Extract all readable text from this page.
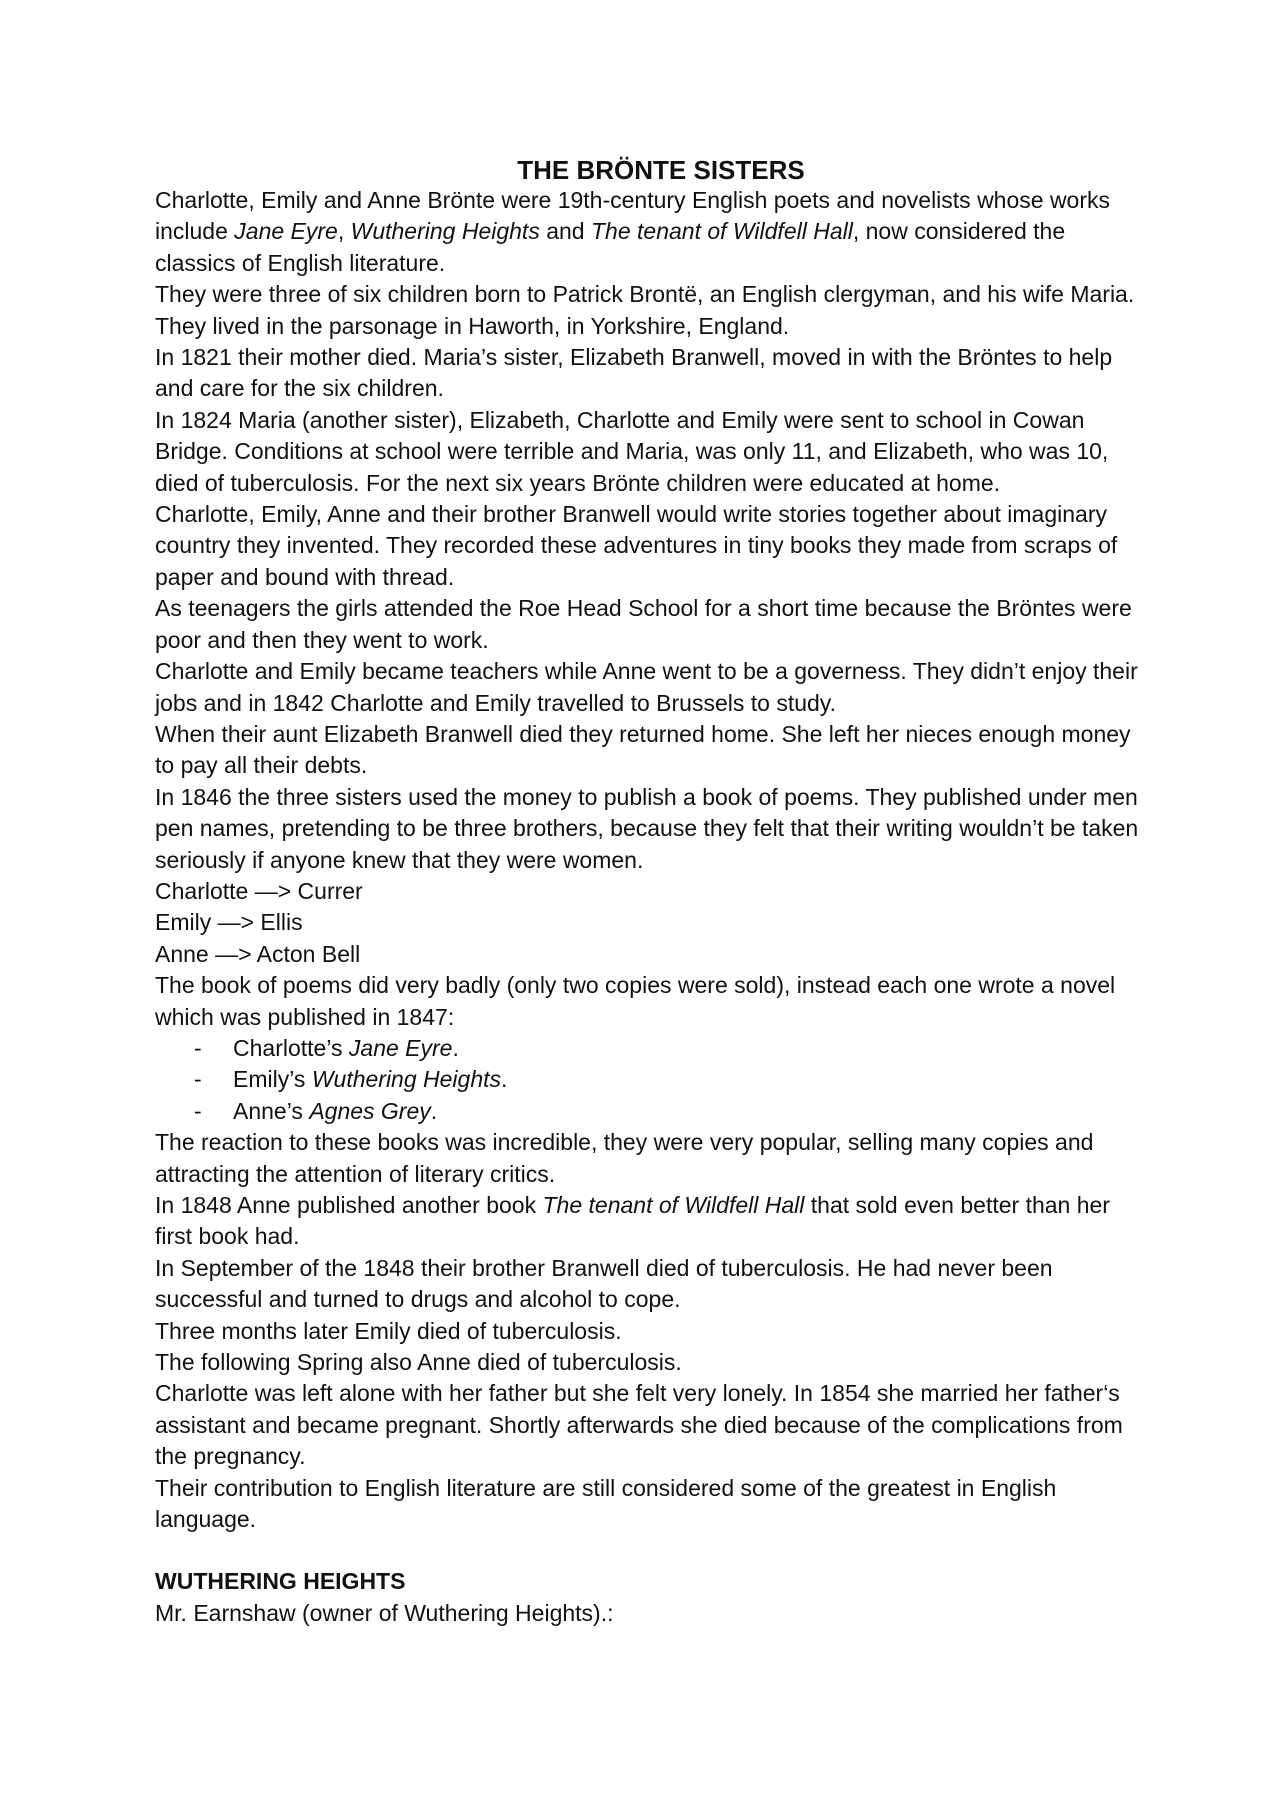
THE BRÖNTE SISTERS

Charlotte, Emily and Anne Brönte were 19th-century English poets and novelists whose works include Jane Eyre, Wuthering Heights and The tenant of Wildfell Hall, now considered the classics of English literature.

They were three of six children born to Patrick Brontë, an English clergyman, and his wife Maria. They lived in the parsonage in Haworth, in Yorkshire, England.

In 1821 their mother died. Maria’s sister, Elizabeth Branwell, moved in with the Bröntes to help and care for the six children.

In 1824 Maria (another sister), Elizabeth, Charlotte and Emily were sent to school in Cowan Bridge. Conditions at school were terrible and Maria, was only 11, and Elizabeth, who was 10, died of tuberculosis. For the next six years Brönte children were educated at home.

Charlotte, Emily, Anne and their brother Branwell would write stories together about imaginary country they invented. They recorded these adventures in tiny books they made from scraps of paper and bound with thread.

As teenagers the girls attended the Roe Head School for a short time because the Bröntes were poor and then they went to work.

Charlotte and Emily became teachers while Anne went to be a governess. They didn’t enjoy their jobs and in 1842 Charlotte and Emily travelled to Brussels to study.

When their aunt Elizabeth Branwell died they returned home. She left her nieces enough money to pay all their debts.

In 1846 the three sisters used the money to publish a book of poems. They published under men pen names, pretending to be three brothers, because they felt that their writing wouldn’t be taken seriously if anyone knew that they were women.

Charlotte —> Currer

Emily —> Ellis

Anne —> Acton Bell

The book of poems did very badly (only two copies were sold), instead each one wrote a novel which was published in 1847:

- Charlotte’s Jane Eyre.
- Emily’s Wuthering Heights.
- Anne’s Agnes Grey.

The reaction to these books was incredible, they were very popular, selling many copies and attracting the attention of literary critics.

In 1848 Anne published another book The tenant of Wildfell Hall that sold even better than her first book had.

In September of the 1848 their brother Branwell died of tuberculosis. He had never been successful and turned to drugs and alcohol to cope.

Three months later Emily died of tuberculosis.

The following Spring also Anne died of tuberculosis.

Charlotte was left alone with her father but she felt very lonely. In 1854 she married her father‘s assistant and became pregnant. Shortly afterwards she died because of the complications from the pregnancy.

Their contribution to English literature are still considered some of the greatest in English language.

WUTHERING HEIGHTS

Mr. Earnshaw (owner of Wuthering Heights).:
